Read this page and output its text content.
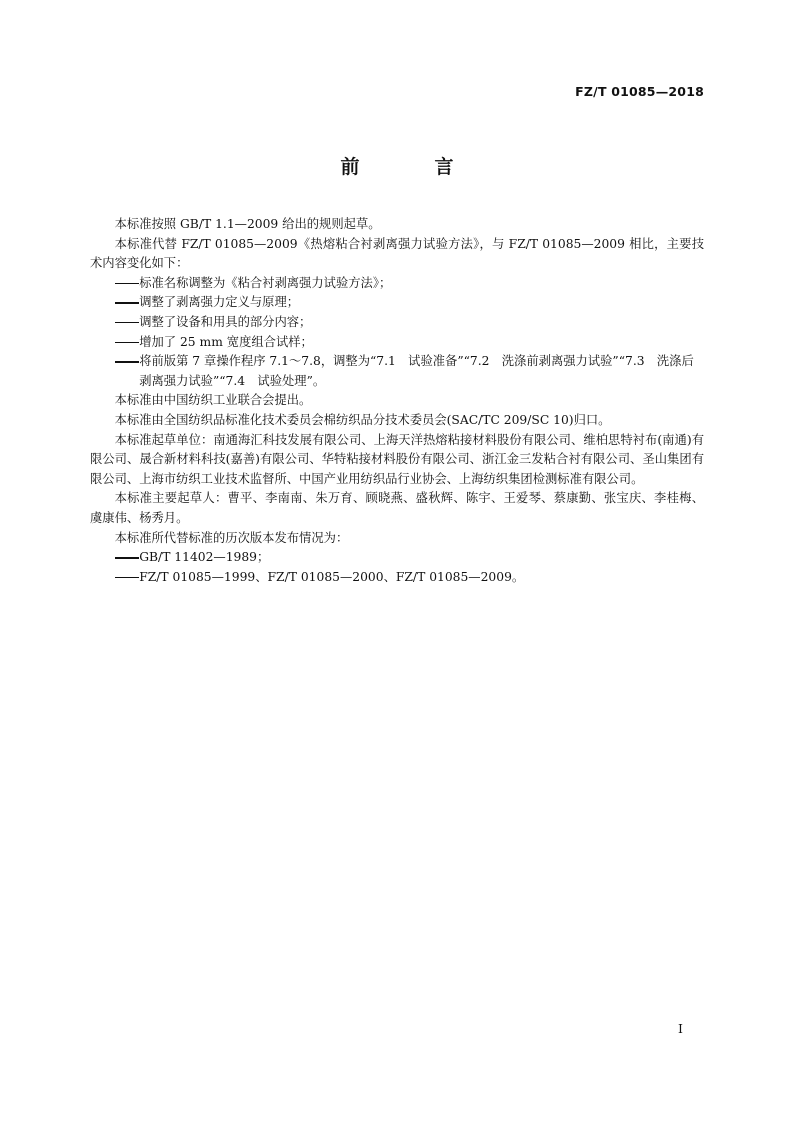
FZ/T 01085—2018
前　言

本标准按照 GB/T 1.1—2009 给出的规则起草。

本标准代替 FZ/T 01085—2009《热熔粘合衬剥离强力试验方法》，与 FZ/T 01085—2009 相比，主要技术内容变化如下：

标准名称调整为《粘合衬剥离强力试验方法》；
调整了剥离强力定义与原理；
调整了设备和用具的部分内容；
增加了 25 mm 宽度组合试样；
将前版第 7 章操作程序 7.1～7.8，调整为“7.1　试验准备”“7.2　洗涤前剥离强力试验”“7.3　洗涤后剥离强力试验”“7.4　试验处理”。

本标准由中国纺织工业联合会提出。

本标准由全国纺织品标准化技术委员会棉纺织品分技术委员会(SAC/TC 209/SC 10)归口。

本标准起草单位：南通海汇科技发展有限公司、上海天洋热熔粘接材料股份有限公司、维柏思特衬布(南通)有限公司、晟合新材料科技(嘉善)有限公司、华特粘接材料股份有限公司、浙江金三发粘合衬有限公司、圣山集团有限公司、上海市纺织工业技术监督所、中国产业用纺织品行业协会、上海纺织集团检测标准有限公司。

本标准主要起草人：曹平、李南南、朱万育、顾晓燕、盛秋辉、陈宇、王爱琴、蔡康勤、张宝庆、李桂梅、虞康伟、杨秀月。

本标准所代替标准的历次版本发布情况为：

GB/T 11402—1989；
FZ/T 01085—1999、FZ/T 01085—2000、FZ/T 01085—2009。
I
